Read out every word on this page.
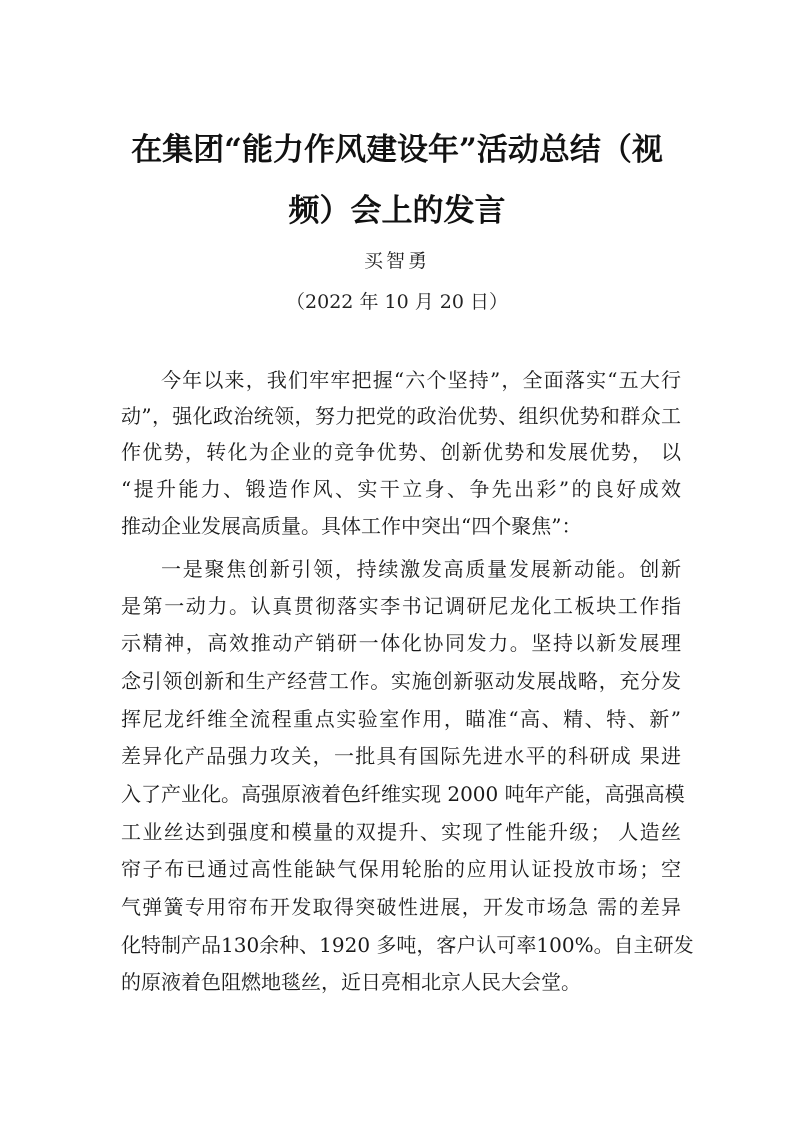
在集团“能力作风建设年”活动总结（视
频）会上的发言
买智勇
（2022 年 10 月 20 日）
今年以来，我们牢牢把握“六个坚持”，全面落实“五大行
动”，强化政治统领，努力把党的政治优势、组织优势和群众工
作优势，转化为企业的竞争优势、创新优势和发展优势， 以
“提升能力、锻造作风、实干立身、争先出彩”的良好成效
推动企业发展高质量。具体工作中突出“四个聚焦”：
一是聚焦创新引领，持续激发高质量发展新动能。创新
是第一动力。认真贯彻落实李书记调研尼龙化工板块工作指
示精神，高效推动产销研一体化协同发力。坚持以新发展理
念引领创新和生产经营工作。实施创新驱动发展战略，充分发
挥尼龙纤维全流程重点实验室作用，瞄准“高、精、特、新”
差异化产品强力攻关，一批具有国际先进水平的科研成 果进
入了产业化。高强原液着色纤维实现 2000 吨年产能，高强高模
工业丝达到强度和模量的双提升、实现了性能升级； 人造丝
帘子布已通过高性能缺气保用轮胎的应用认证投放市场；空
气弹簧专用帘布开发取得突破性进展，开发市场急 需的差异
化特制产品130余种、1920 多吨，客户认可率100%。自主研发
的原液着色阻燃地毯丝，近日亮相北京人民大会堂。
